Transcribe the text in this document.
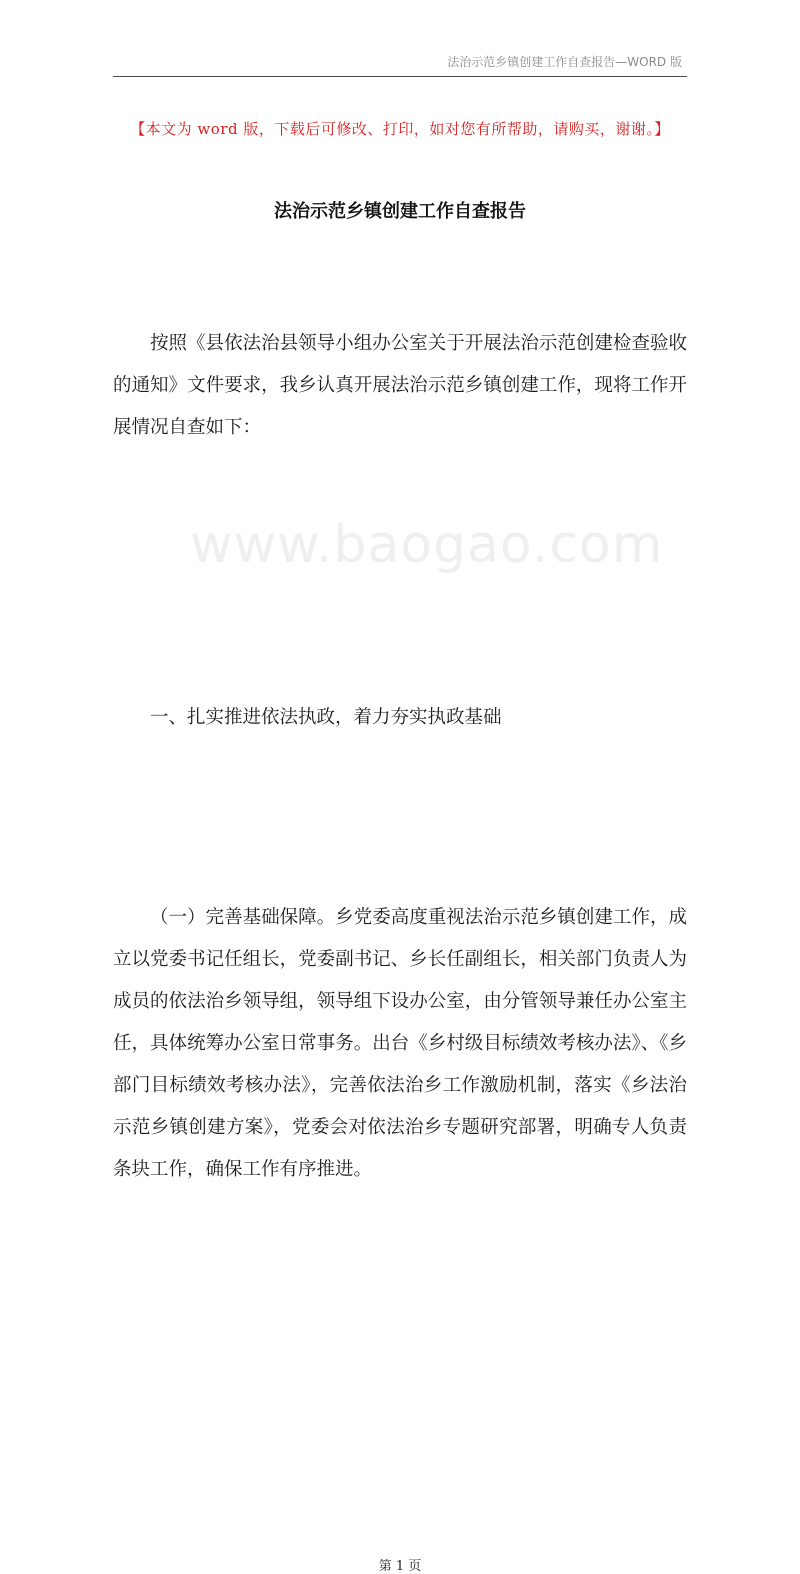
法治示范乡镇创建工作自查报告—WORD 版
www.baogao.com
【本文为 word 版，下载后可修改、打印，如对您有所帮助，请购买，谢谢。】
法治示范乡镇创建工作自查报告
按照《县依法治县领导小组办公室关于开展法治示范创建检查验收的通知》文件要求，我乡认真开展法治示范乡镇创建工作，现将工作开展情况自查如下：
一、扎实推进依法执政，着力夯实执政基础
（一）完善基础保障。乡党委高度重视法治示范乡镇创建工作，成立以党委书记任组长，党委副书记、乡长任副组长，相关部门负责人为成员的依法治乡领导组，领导组下设办公室，由分管领导兼任办公室主任，具体统筹办公室日常事务。出台《乡村级目标绩效考核办法》、《乡部门目标绩效考核办法》，完善依法治乡工作激励机制，落实《乡法治示范乡镇创建方案》，党委会对依法治乡专题研究部署，明确专人负责条块工作，确保工作有序推进。
第 1 页
